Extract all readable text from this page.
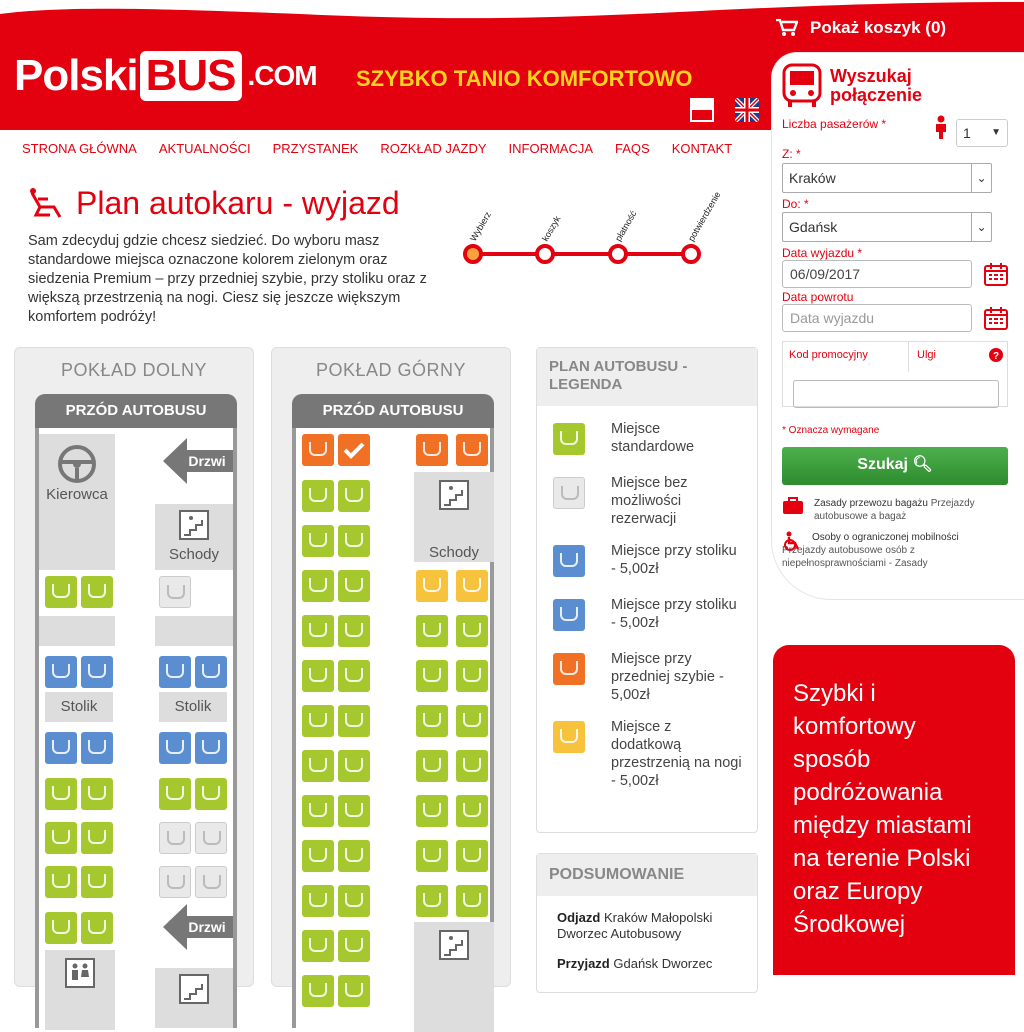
Polski BUS .COM SZYBKO TANIO KOMFORTOWO
Pokaż koszyk (0)
STRONA GŁÓWNA AKTUALNOŚCI PRZYSTANEK ROZKŁAD JAZDY INFORMACJA FAQS KONTAKT
Plan autokaru - wyjazd
Sam zdecyduj gdzie chcesz siedzieć. Do wyboru masz standardowe miejsca oznaczone kolorem zielonym oraz siedzenia Premium – przy przedniej szybie, przy stoliku oraz z większą przestrzenią na nogi. Ciesz się jeszcze większym komfortem podróży!
Wybierz	koszyk	płatność	potwierdzenie
POKŁAD DOLNY
PRZÓD AUTOBUSU
Kierowca
Drzwi
Schody
Stolik	Stolik
Drzwi
POKŁAD GÓRNY
PRZÓD AUTOBUSU
Schody
PLAN AUTOBUSU - LEGENDA
Miejsce standardowe
Miejsce bez możliwości rezerwacji
Miejsce przy stoliku - 5,00zł
Miejsce przy stoliku - 5,00zł
Miejsce przy przedniej szybie - 5,00zł
Miejsce z dodatkową przestrzenią na nogi - 5,00zł
PODSUMOWANIE
Odjazd Kraków Małopolski Dworzec Autobusowy
Przyjazd Gdańsk Dworzec
Wyszukaj
połączenie
Liczba pasażerów *
1 ▼
Z: *
Kraków	⌄
Do: *
Gdańsk	⌄
Data wyjazdu *
06/09/2017
Data powrotu
Data wyjazdu
Kod promocyjny	Ulgi	?
* Oznacza wymagane
Szukaj 🔍︎
Zasady przewozu bagażu Przejazdy autobusowe a bagaż
Osoby o ograniczonej mobilności
Przejazdy autobusowe osób z niepełnosprawnościami - Zasady
Szybki i komfortowy sposób podróżowania między miastami na terenie Polski oraz Europy Środkowej
